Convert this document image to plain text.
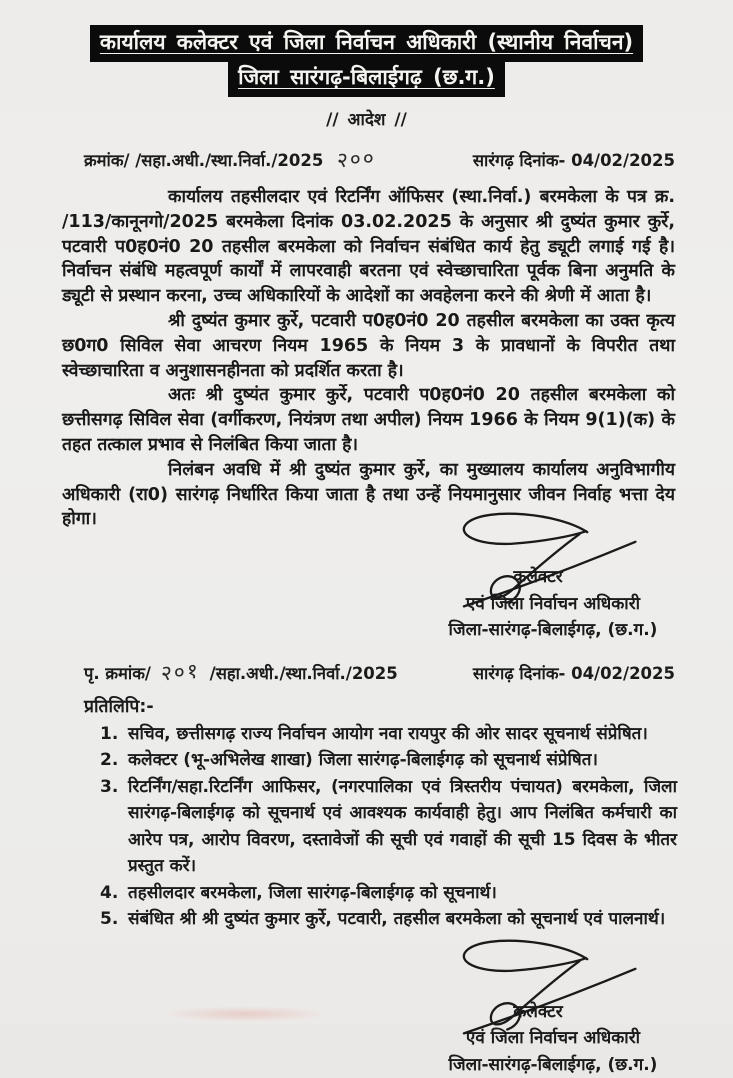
कार्यालय कलेक्टर एवं जिला निर्वाचन अधिकारी (स्थानीय निर्वाचन)
जिला सारंगढ़-बिलाईगढ़ (छ.ग.)
// आदेश //
क्रमांक/ /सहा.अधी./स्था.निर्वा./2025 २००	सारंगढ़ दिनांक- 04/02/2025

कार्यालय तहसीलदार एवं रिटर्निंग ऑफिसर (स्था.निर्वा.) बरमकेला के पत्र क्र. /113/कानूनगो/2025 बरमकेला दिनांक 03.02.2025 के अनुसार श्री दुष्यंत कुमार कुर्रे, पटवारी प0ह0नं0 20 तहसील बरमकेला को निर्वाचन संबंधित कार्य हेतु ड्यूटी लगाई गई है। निर्वाचन संबंधि महत्वपूर्ण कार्यों में लापरवाही बरतना एवं स्वेच्छाचारिता पूर्वक बिना अनुमति के ड्यूटी से प्रस्थान करना, उच्च अधिकारियों के आदेशों का अवहेलना करने की श्रेणी में आता है।

श्री दुष्यंत कुमार कुर्रे, पटवारी प0ह0नं0 20 तहसील बरमकेला का उक्त कृत्य छ0ग0 सिविल सेवा आचरण नियम 1965 के नियम 3 के प्रावधानों के विपरीत तथा स्वेच्छाचारिता व अनुशासनहीनता को प्रदर्शित करता है।

अतः श्री दुष्यंत कुमार कुर्रे, पटवारी प0ह0नं0 20 तहसील बरमकेला को छत्तीसगढ़ सिविल सेवा (वर्गीकरण, नियंत्रण तथा अपील) नियम 1966 के नियम 9(1)(क) के तहत तत्काल प्रभाव से निलंबित किया जाता है।

निलंबन अवधि में श्री दुष्यंत कुमार कुर्रे, का मुख्यालय कार्यालय अनुविभागीय अधिकारी (रा0) सारंगढ़ निर्धारित किया जाता है तथा उन्हें नियमानुसार जीवन निर्वाह भत्ता देय होगा।

कलेक्टर
एवं जिला निर्वाचन अधिकारी
जिला-सारंगढ़-बिलाईगढ़, (छ.ग.)
पृ. क्रमांक/ २०१ /सहा.अधी./स्था.निर्वा./2025	सारंगढ़ दिनांक- 04/02/2025
प्रतिलिपि:-
1. सचिव, छत्तीसगढ़ राज्य निर्वाचन आयोग नवा रायपुर की ओर सादर सूचनार्थ संप्रेषित।
2. कलेक्टर (भू-अभिलेख शाखा) जिला सारंगढ़-बिलाईगढ़ को सूचनार्थ संप्रेषित।
3. रिटर्निंग/सहा.रिटर्निंग आफिसर, (नगरपालिका एवं त्रिस्तरीय पंचायत) बरमकेला, जिला सारंगढ़-बिलाईगढ़ को सूचनार्थ एवं आवश्यक कार्यवाही हेतु। आप निलंबित कर्मचारी का आरेप पत्र, आरोप विवरण, दस्तावेजों की सूची एवं गवाहों की सूची 15 दिवस के भीतर प्रस्तुत करें।
4. तहसीलदार बरमकेला, जिला सारंगढ़-बिलाईगढ़ को सूचनार्थ।
5. संबंधित श्री श्री दुष्यंत कुमार कुर्रे, पटवारी, तहसील बरमकेला को सूचनार्थ एवं पालनार्थ।
कलेक्टर
एवं जिला निर्वाचन अधिकारी
जिला-सारंगढ़-बिलाईगढ़, (छ.ग.)
